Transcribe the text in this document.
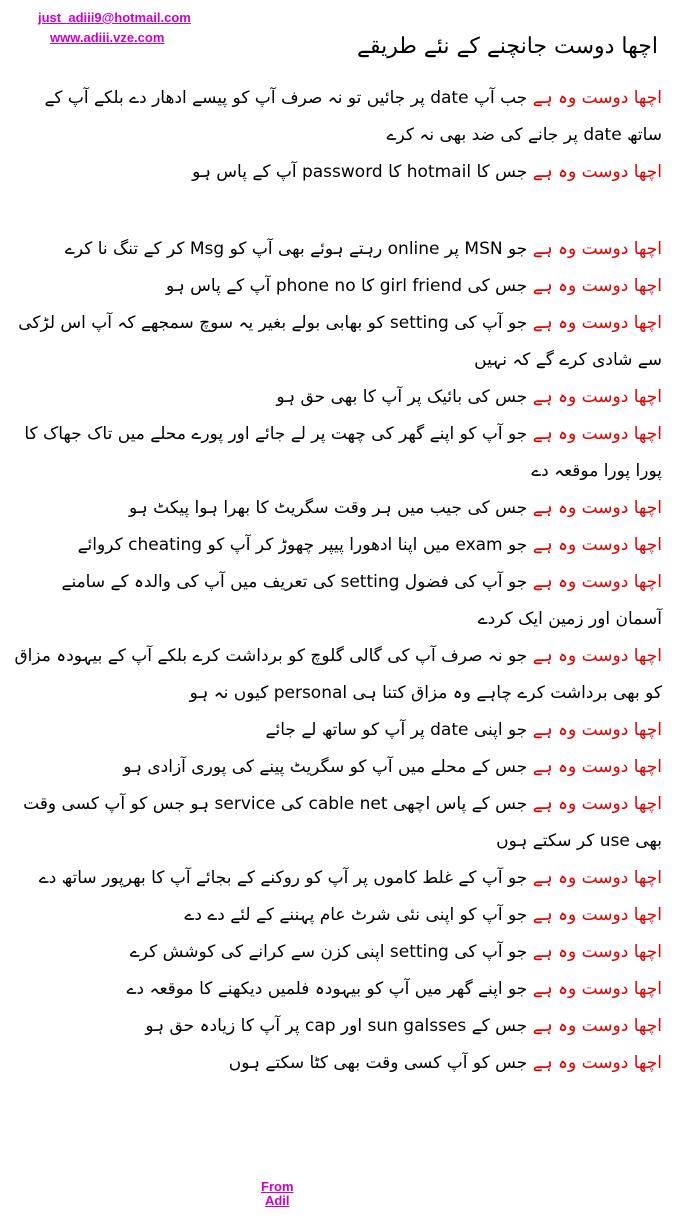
just_adiii9@hotmail.com
www.adiii.vze.com	اچھا دوست جانچنے کے نئے طریقے

اچھا دوست وہ ہے جب آپ date پر جائیں تو نہ صرف آپ کو پیسے ادھار دے بلکے آپ کے ساتھ date پر جانے کی ضد بھی نہ کرے

اچھا دوست وہ ہے جس کا hotmail کا password آپ کے پاس ہو

اچھا دوست وہ ہے جو MSN پر online رہتے ہوئے بھی آپ کو Msg کر کے تنگ نا کرے

اچھا دوست وہ ہے جس کی girl friend کا phone no آپ کے پاس ہو

اچھا دوست وہ ہے جو آپ کی setting کو بھابی بولے بغیر یہ سوچ سمجھے کہ آپ اس لڑکی سے شادی کرے گے کہ نہیں

اچھا دوست وہ ہے جس کی بائیک پر آپ کا بھی حق ہو

اچھا دوست وہ ہے جو آپ کو اپنے گھر کی چھت پر لے جائے اور پورے محلے میں تاک جھاک کا پورا پورا موقعہ دے

اچھا دوست وہ ہے جس کی جیب میں ہر وقت سگریٹ کا بھرا ہوا پیکٹ ہو

اچھا دوست وہ ہے جو exam میں اپنا ادھورا پیپر چھوڑ کر آپ کو cheating کروائے

اچھا دوست وہ ہے جو آپ کی فضول setting کی تعریف میں آپ کی والدہ کے سامنے آسمان اور زمین ایک کردے

اچھا دوست وہ ہے جو نہ صرف آپ کی گالی گلوچ کو برداشت کرے بلکے آپ کے بیہودہ مزاق کو بھی برداشت کرے چاہے وہ مزاق کتنا ہی personal کیوں نہ ہو

اچھا دوست وہ ہے جو اپنی date پر آپ کو ساتھ لے جائے

اچھا دوست وہ ہے جس کے محلے میں آپ کو سگریٹ پینے کی پوری آزادی ہو

اچھا دوست وہ ہے جس کے پاس اچھی cable net کی service ہو جس کو آپ کسی وقت بھی use کر سکتے ہوں

اچھا دوست وہ ہے جو آپ کے غلط کاموں پر آپ کو روکنے کے بجائے آپ کا بھرپور ساتھ دے

اچھا دوست وہ ہے جو آپ کو اپنی نئی شرٹ عام پہننے کے لئے دے دے

اچھا دوست وہ ہے جو آپ کی setting اپنی کزن سے کرانے کی کوشش کرے

اچھا دوست وہ ہے جو اپنے گھر میں آپ کو بیہودہ فلمیں دیکھنے کا موقعہ دے

اچھا دوست وہ ہے جس کے sun galsses اور cap پر آپ کا زیادہ حق ہو

اچھا دوست وہ ہے جس کو آپ کسی وقت بھی کٹا سکتے ہوں

From
Adil
